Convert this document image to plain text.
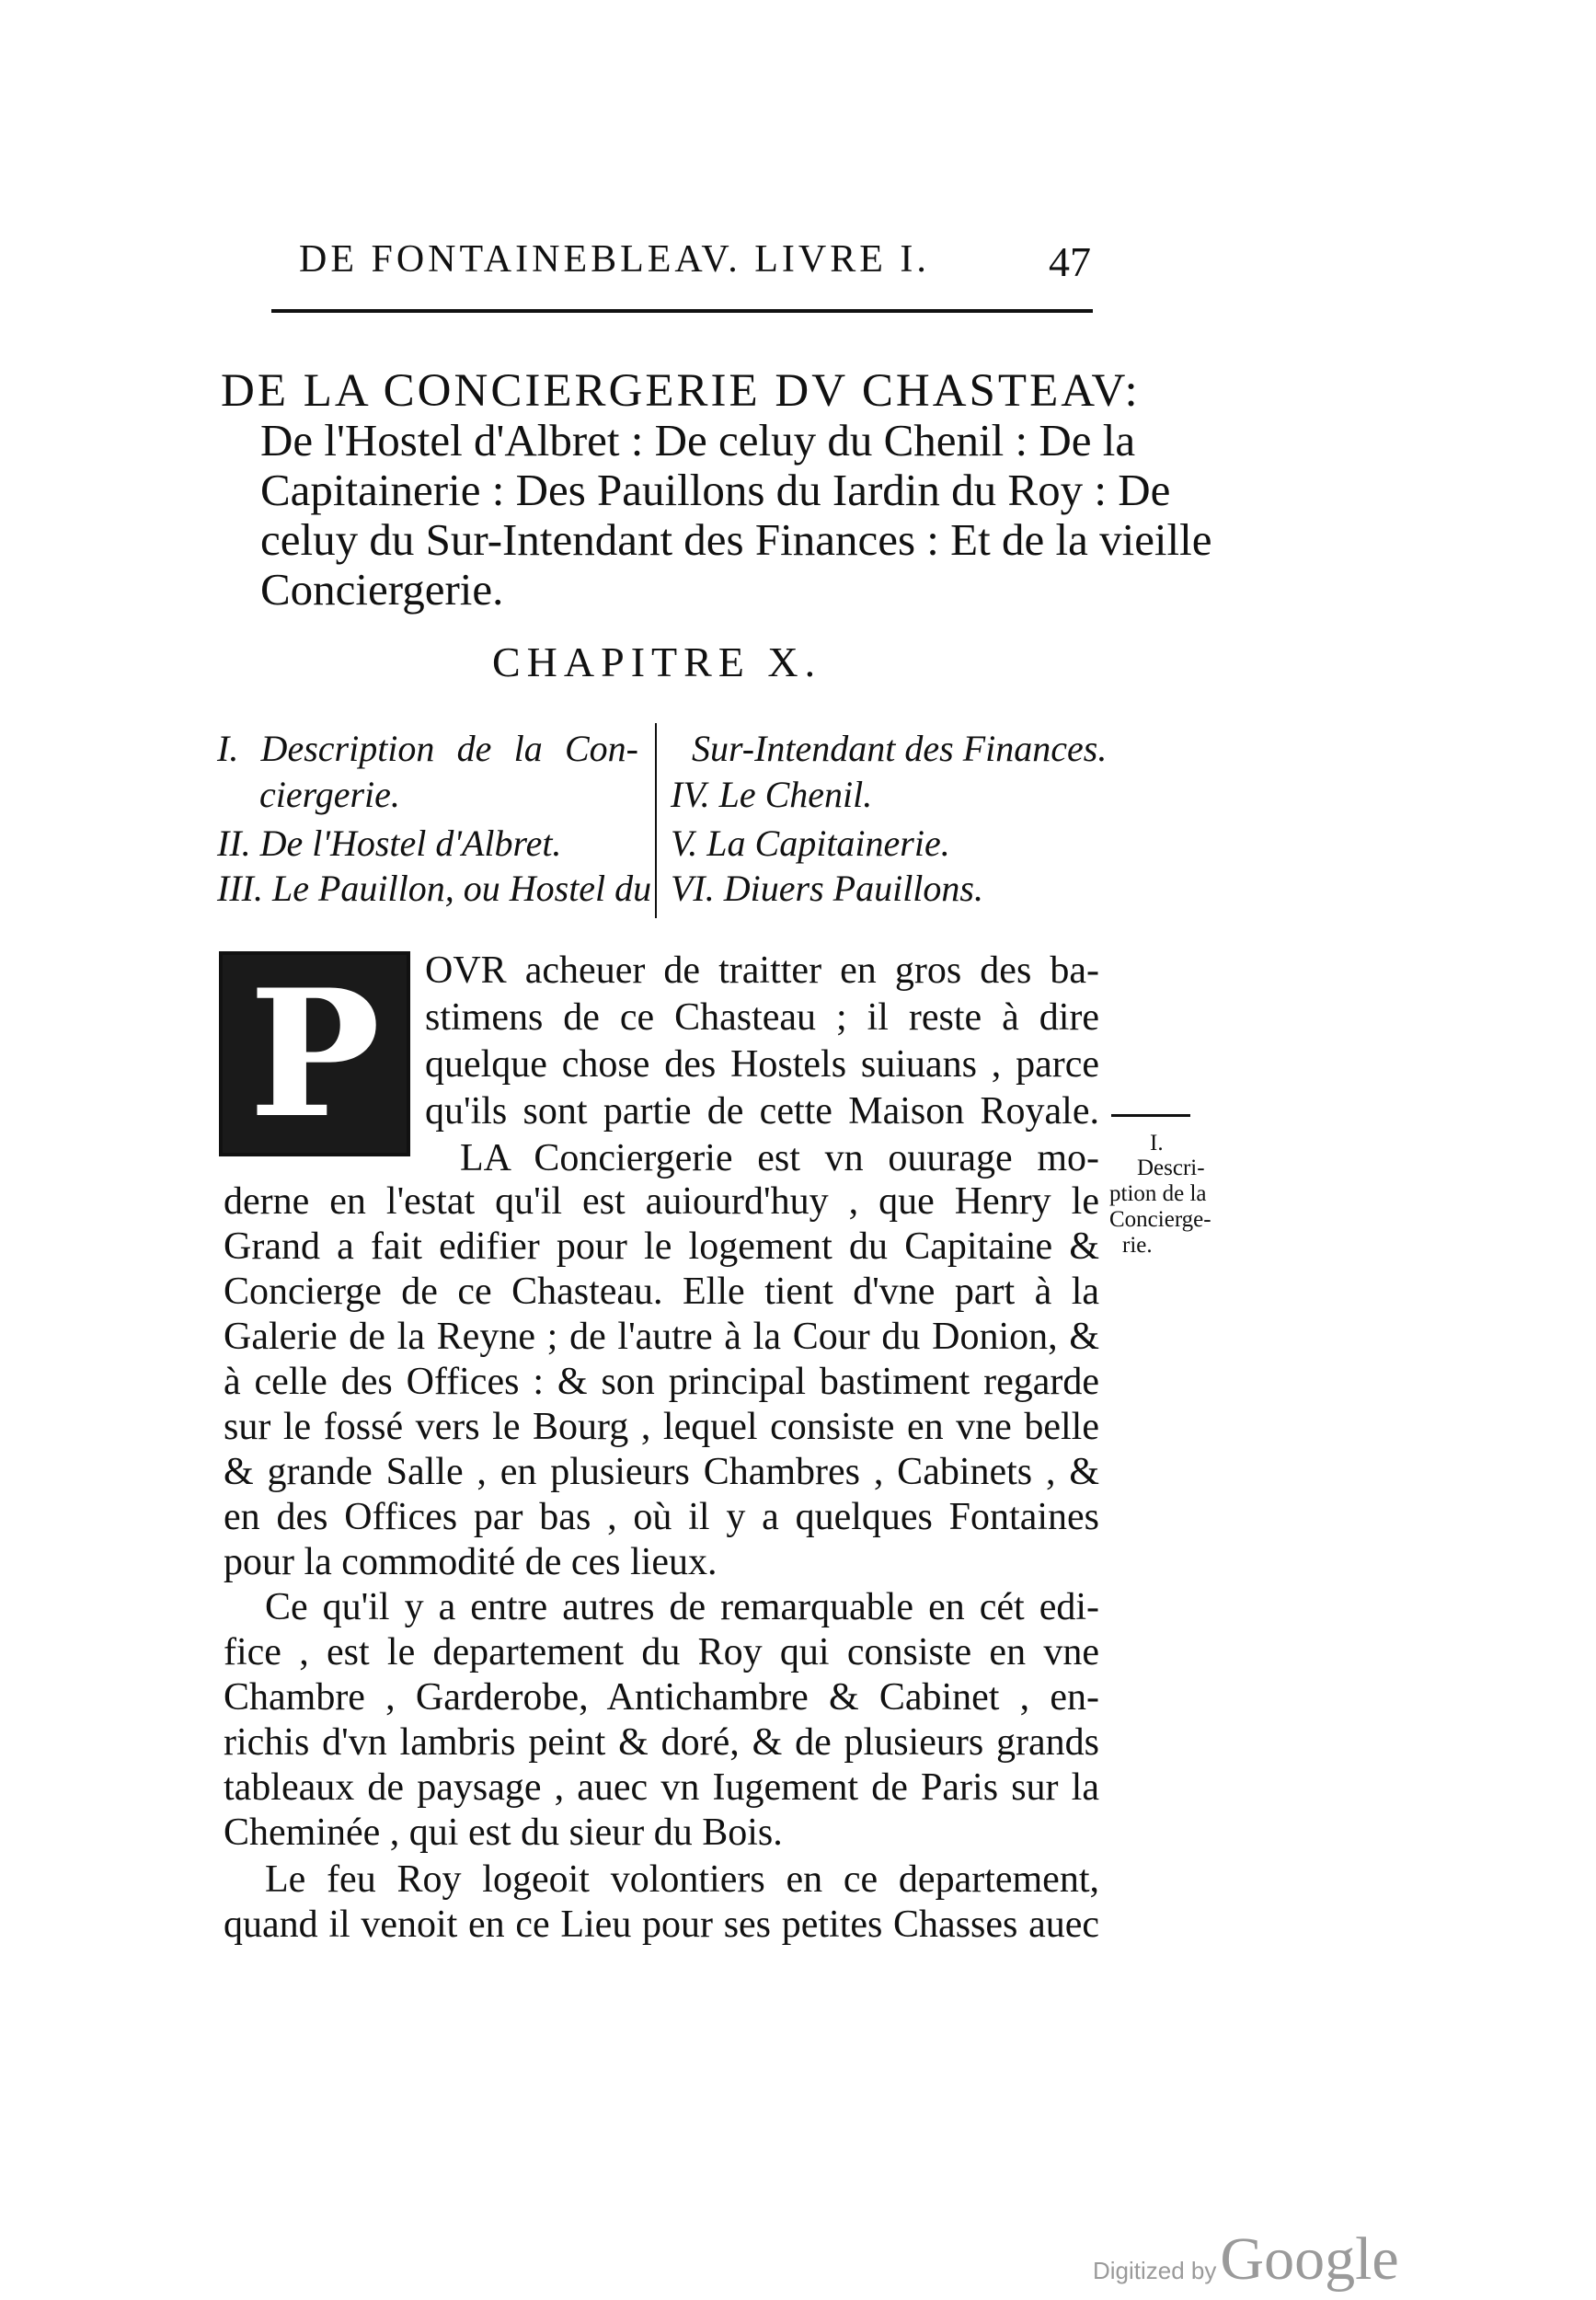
DE FONTAINEBLEAV. LIVRE I.	47
DE LA CONCIERGERIE DV CHASTEAV:
De l'Hostel d'Albret : De celuy du Chenil : De la
Capitainerie : Des Pauillons du Iardin du Roy : De
celuy du Sur-Intendant des Finances : Et de la vieille
Conciergerie.
CHAPITRE X.
I. Description de la Con-
ciergerie.
II. De l'Hostel d'Albret.
III. Le Pauillon, ou Hostel du
Sur-Intendant des Finances.
IV. Le Chenil.
V. La Capitainerie.
VI. Diuers Pauillons.
P OVR acheuer de traitter en gros des ba-
stimens de ce Chasteau ; il reste à dire
quelque chose des Hostels suiuans , parce
qu'ils sont partie de cette Maison Royale.
LA Conciergerie est vn ouurage mo-
derne en l'estat qu'il est auiourd'huy , que Henry le
Grand a fait edifier pour le logement du Capitaine &
Concierge de ce Chasteau. Elle tient d'vne part à la
Galerie de la Reyne ; de l'autre à la Cour du Donion, &
à celle des Offices : & son principal bastiment regarde
sur le fossé vers le Bourg , lequel consiste en vne belle
& grande Salle , en plusieurs Chambres , Cabinets , &
en des Offices par bas , où il y a quelques Fontaines
pour la commodité de ces lieux.
Ce qu'il y a entre autres de remarquable en cét edi-
fice , est le departement du Roy qui consiste en vne
Chambre , Garderobe, Antichambre & Cabinet , en-
richis d'vn lambris peint & doré, & de plusieurs grands
tableaux de paysage , auec vn Iugement de Paris sur la
Cheminée , qui est du sieur du Bois.
Le feu Roy logeoit volontiers en ce departement,
quand il venoit en ce Lieu pour ses petites Chasses auec
I.
Descri-
ption de la
Concierge-
rie.
Digitized by Google
